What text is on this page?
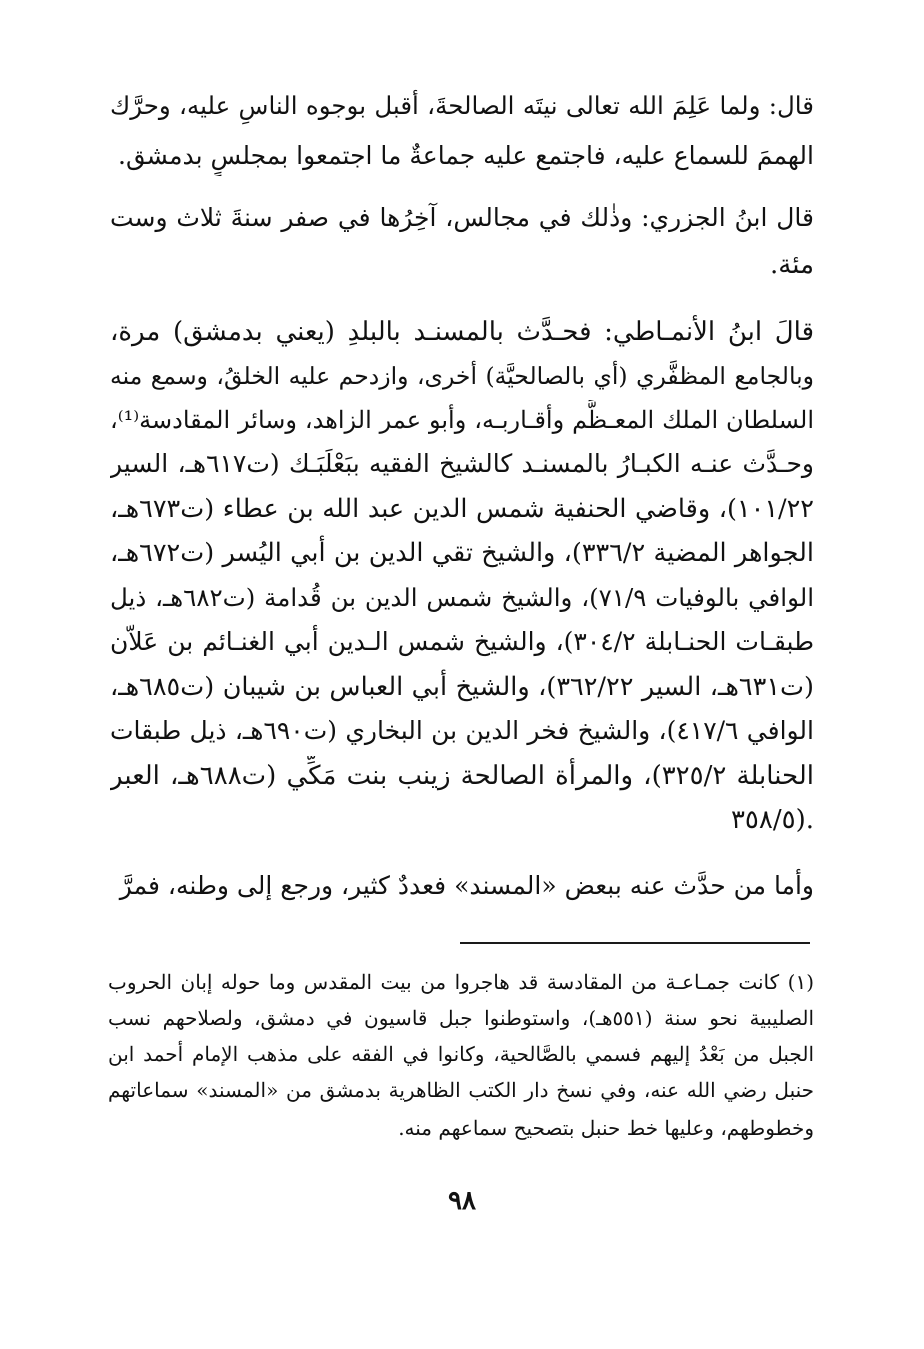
قال: ولما عَلِمَ الله تعالى نيتَه الصالحةَ، أقبل بوجوه الناسِ عليه، وحرَّك
الهممَ للسماع عليه، فاجتمع عليه جماعةٌ ما اجتمعوا بمجلسٍ بدمشق.
قال ابنُ الجزري: وذٰلك في مجالس، آخِرُها في صفر سنةَ ثلاث وست
مئة.
قالَ ابنُ الأنمـاطي: فحـدَّث بالمسنـد بالبلدِ (يعني بدمشق) مرة،
وبالجامع المظفَّري (أي بالصالحيَّة) أخرى، وازدحم عليه الخلقُ، وسمع منه
السلطان الملك المعـظَّم وأقـاربـه، وأبو عمر الزاهد، وسائر المقادسة⁽¹⁾،
وحـدَّث عنـه الكبـارُ بالمسنـد كالشيخ الفقيه ببَعْلَبَـك (ت٦١٧هـ، السير
١٠١/٢٢)، وقاضي الحنفية شمس الدين عبد الله بن عطاء (ت٦٧٣هـ،
الجواهر المضية ٣٣٦/٢)، والشيخ تقي الدين بن أبي اليُسر (ت٦٧٢هـ،
الوافي بالوفيات ٧١/٩)، والشيخ شمس الدين بن قُدامة (ت٦٨٢هـ، ذيل
طبقـات الحنـابلة ٣٠٤/٢)، والشيخ شمس الـدين أبي الغنـائم بن عَلاّن
(ت٦٣١هـ، السير ٣٦٢/٢٢)، والشيخ أبي العباس بن شيبان (ت٦٨٥هـ،
الوافي ٤١٧/٦)، والشيخ فخر الدين بن البخاري (ت٦٩٠هـ، ذيل طبقات
الحنابلة ٣٢٥/٢)، والمرأة الصالحة زينب بنت مَكِّي (ت٦٨٨هـ، العبر
٣٥٨/٥).
وأما من حدَّث عنه ببعض «المسند» فعددٌ كثير، ورجع إلى وطنه، فمرَّ
(١) كانت جمـاعـة من المقادسة قد هاجروا من بيت المقدس وما حوله إبان الحروب
الصليبية نحو سنة (٥٥١هـ)، واستوطنوا جبل قاسيون في دمشق، ولصلاحهم نسب
الجبل من بَعْدُ إليهم فسمي بالصَّالحية، وكانوا في الفقه على مذهب الإمام أحمد ابن
حنبل رضي الله عنه، وفي نسخ دار الكتب الظاهرية بدمشق من «المسند» سماعاتهم
وخطوطهم، وعليها خط حنبل بتصحيح سماعهم منه.
٩٨
